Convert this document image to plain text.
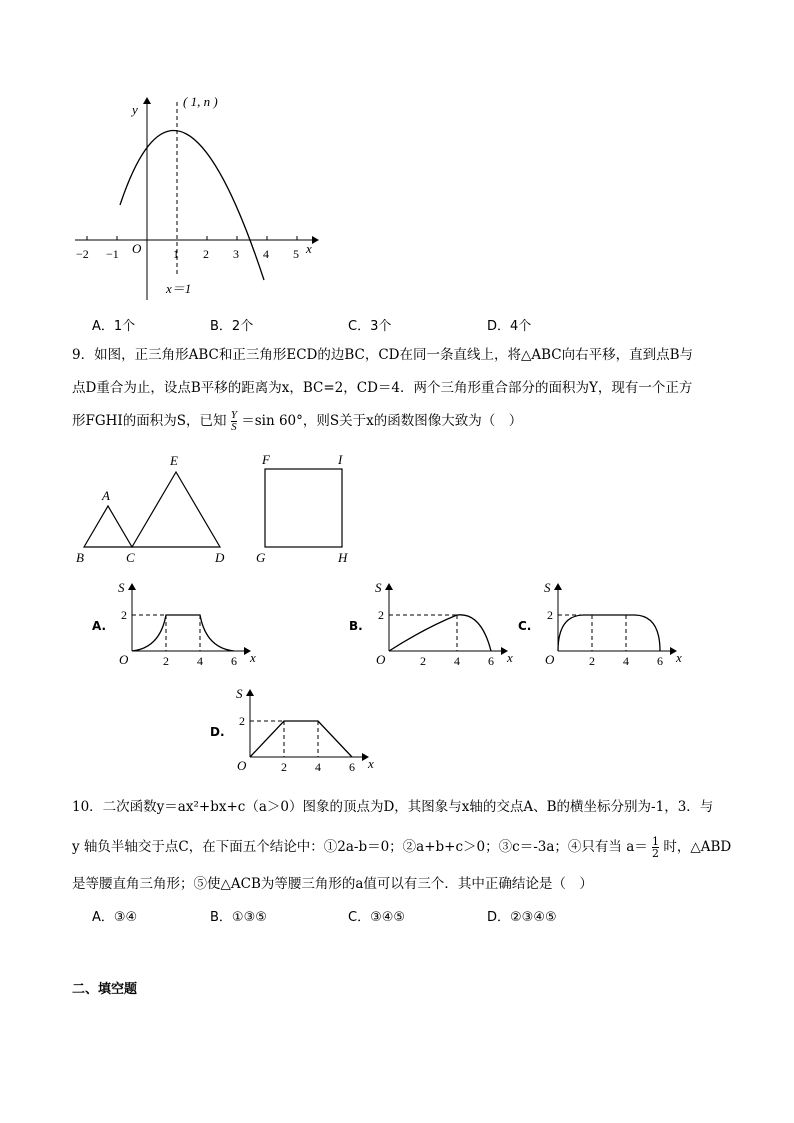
y
( 1, n )
O	x
−2 −1	1 2 3 4 5
x＝1
A．1个	B．2个	C．3个	D．4个
9．如图，正三角形ABC和正三角形ECD的边BC，CD在同一条直线上，将△ABC向右平移，直到点B与
点D重合为止，设点B平移的距离为x，BC=2，CD＝4．两个三角形重合部分的面积为Y，现有一个正方
形FGHI的面积为S，已知 $\frac{Y}{S} =\sin$ 60°，则S关于x的函数图像大致为（　）
A
B	C	D
E	F
G	H
I
A.
S
2
O	2 4 6 x
B.
S
2
O	2 4 6 x
C.
S
2
O	2 4 6 x
D.
S
2
O	2 4 6 x
10．二次函数y＝ax²+bx+c（a＞0）图象的顶点为D，其图象与x轴的交点A、B的横坐标分别为-1，3．与
y 轴负半轴交于点C，在下面五个结论中：①2a-b＝0；②a+b+c＞0；③c＝-3a；④只有当 $a= \frac{1}{2}$ 时，△ABD
是等腰直角三角形；⑤使△ACB为等腰三角形的a值可以有三个．其中正确结论是（　）
A．③④	B．①③⑤	C．③④⑤	D．②③④⑤
二、填空题
